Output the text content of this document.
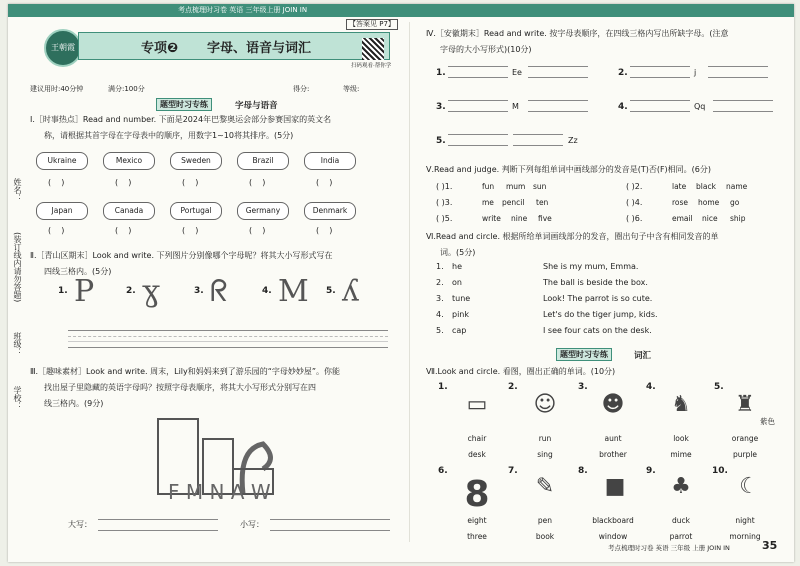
考点梳理时习卷 英语 三年级上册 JOIN IN
【答案见 P7】
姓名：
(装订线内请勿答题)
班级：
学校：
王朝霞	专项❷ 字母、语音与词汇
扫码观看·帮你学
建议用时:40分钟	满分:100分	得分:	等级:
题型时习专练	字母与语音
Ⅰ.［时事热点］Read and number. 下面是2024年巴黎奥运会部分参赛国家的英文名
称，请根据其首字母在字母表中的顺序，用数字1~10将其排序。(5分)
Ukraine	Mexico	Sweden	Brazil	India
(    )	(    )	(    )	(    )	(    )
Japan	Canada	Portugal	Germany	Denmark
(    )	(    )	(    )	(    )	(    )
Ⅱ.［青山区期末］Look and write. 下列图片分别像哪个字母呢？将其大小写形式写在
四线三格内。(5分)
1. P	2. ɣ	3. ᖇ	4. M 5. ʎ
Ⅲ.［趣味素材］Look and write. 周末，Lily和妈妈来到了游乐园的“字母妙妙屋”。你能
找出屋子里隐藏的英语字母吗？按照字母表顺序，将其大小写形式分别写在四
线三格内。(9分)
F M N A W
大写：	小写：
Ⅳ.［安徽期末］Read and write. 按字母表顺序，在四线三格内写出所缺字母。(注意
字母的大小写形式)(10分)
1.	Ee	2.	j
3.	M	4.	Qq
5.	Zz
Ⅴ.Read and judge. 判断下列每组单词中画线部分的发音是(T)否(F)相同。(6分)
( )1.	fun mum sun	( )2.	late black name
( )3.	me pencil ten	( )4.	rose home go
( )5.	write nine five	( )6.	email nice ship
Ⅵ.Read and circle. 根据所给单词画线部分的发音，圈出句子中含有相同发音的单
词。(5分)
1. he	She is my mum, Emma.
2. on	The ball is beside the box.
3. tune	Look! The parrot is so cute.
4. pink	Let's do the tiger jump, kids.
5. cap	I see four cats on the desk.
题型时习专练	词汇
Ⅶ.Look and circle. 看图，圈出正确的单词。(10分)
1.
▭
chair
desk
2.
☺
run
sing
3.
☻
aunt
brother
4.
♞
look
mime
5.
♜
紫色
orange
purple
6.
8
eight
three
7.
✎
pen
book
8.
■
blackboard
window
9.
♣
duck
parrot
10.
☾
night
morning
考点梳理时习卷 英语 三年级 上册 JOIN IN	35
